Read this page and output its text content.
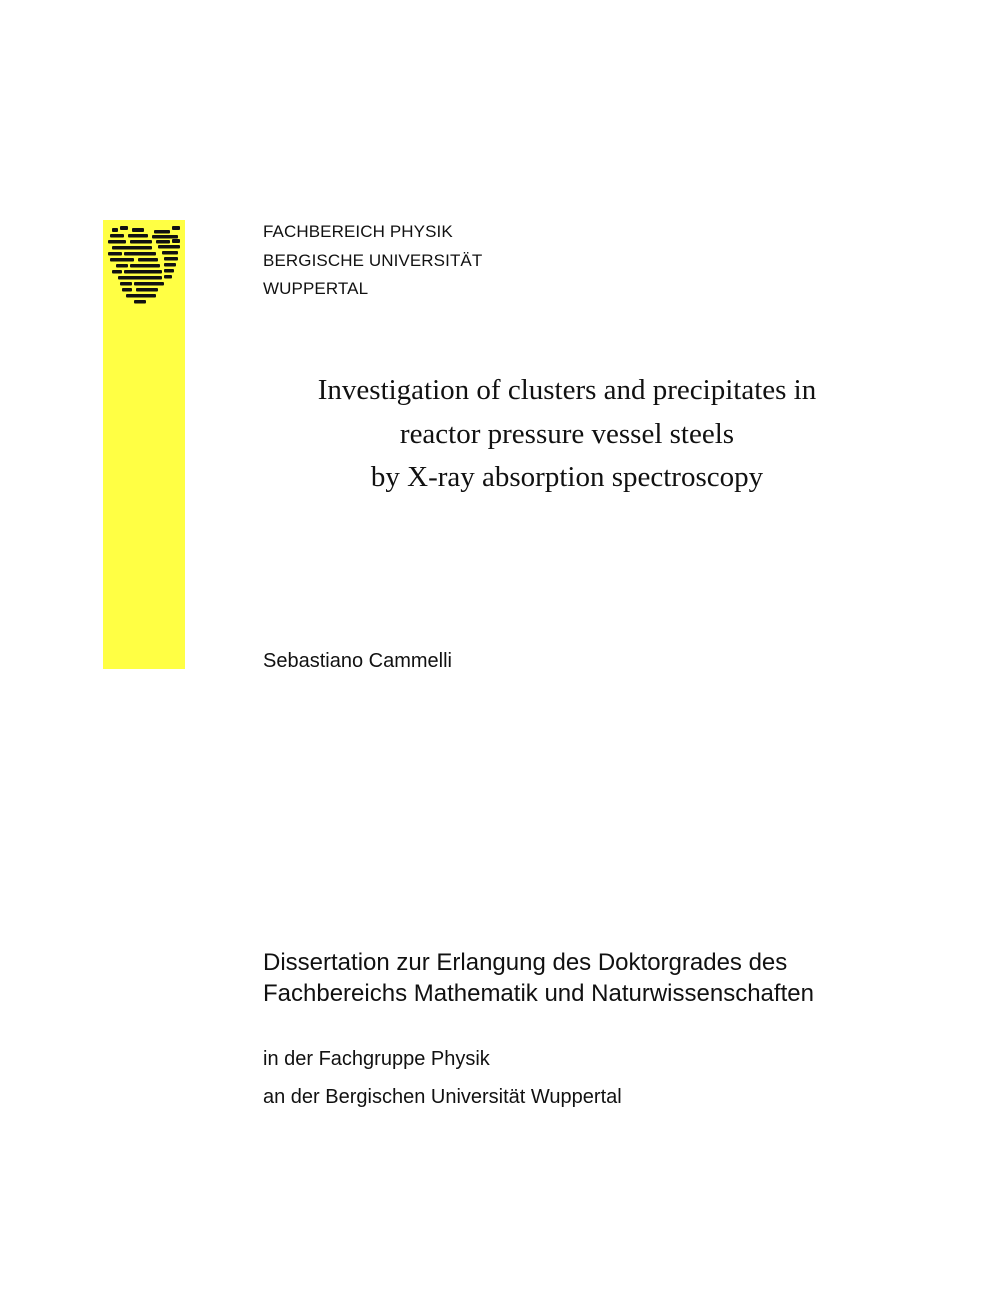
FACHBEREICH PHYSIK
BERGISCHE UNIVERSITÄT
WUPPERTAL
Investigation of clusters and precipitates in
reactor pressure vessel steels
by X-ray absorption spectroscopy
Sebastiano Cammelli
Dissertation zur Erlangung des Doktorgrades des
Fachbereichs Mathematik und Naturwissenschaften
in der Fachgruppe Physik
an der Bergischen Universität Wuppertal
